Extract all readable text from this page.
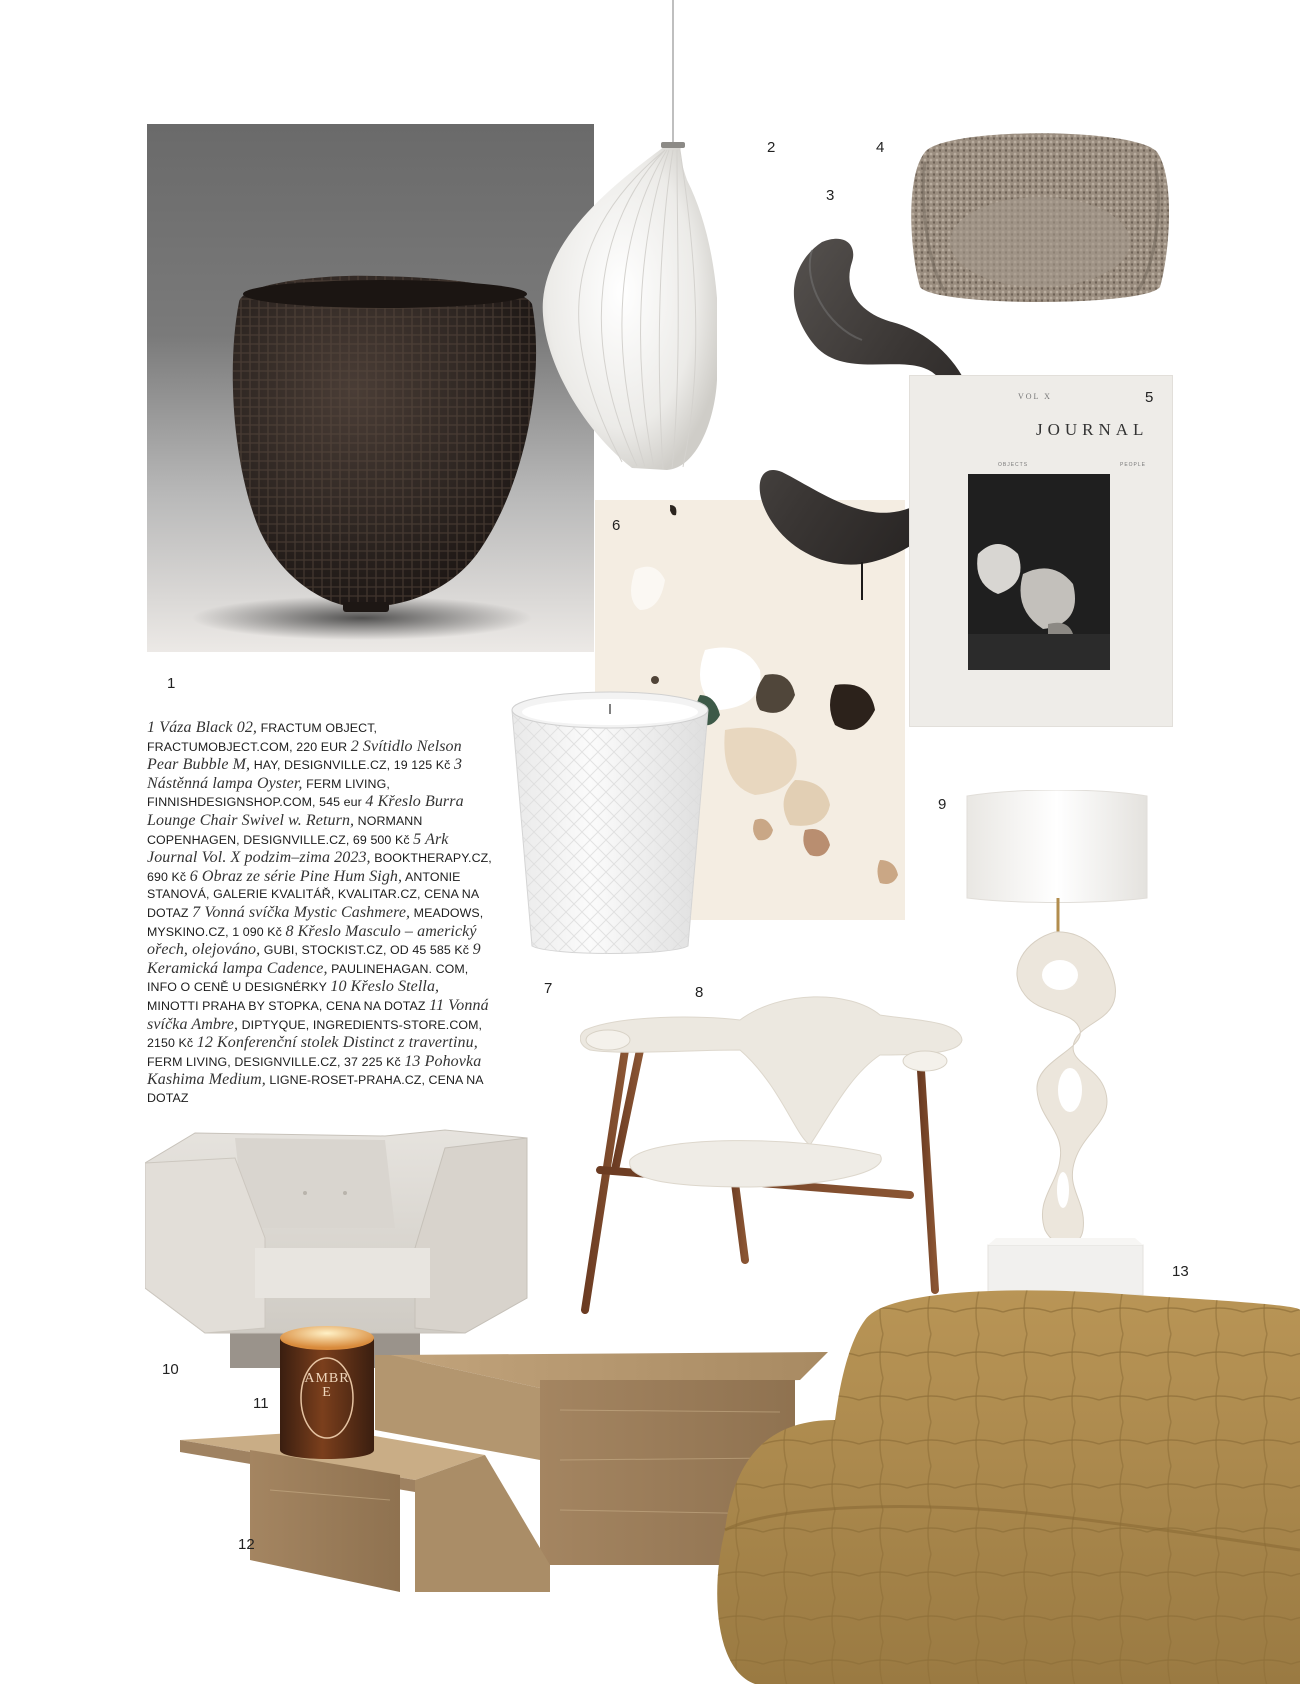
1
2
3
4
6
VOL X
JOURNAL
OBJECTS	PEOPLE
5
7
9
8
1 Váza Black 02, FRACTUM OBJECT, FRACTUMOBJECT.COM, 220 EUR 2 Svítidlo Nelson Pear Bubble M, HAY, DESIGNVILLE.CZ, 19 125 Kč 3 Nástěnná lampa Oyster, FERM LIVING, FINNISHDESIGNSHOP.COM, 545 eur 4 Křeslo Burra Lounge Chair Swivel w. Return, NORMANN COPENHAGEN, DESIGNVILLE.CZ, 69 500 Kč 5 Ark Journal Vol. X podzim–zima 2023, BOOKTHERAPY.CZ, 690 Kč 6 Obraz ze série Pine Hum Sigh, ANTONIE STANOVÁ, GALERIE KVALITÁŘ, KVALITAR.CZ, CENA NA DOTAZ 7 Vonná svíčka Mystic Cashmere, MEADOWS, MYSKINO.CZ, 1 090 Kč 8 Křeslo Masculo – americký ořech, olejováno, GUBI, STOCKIST.CZ, OD 45 585 Kč 9 Keramická lampa Cadence, PAULINEHAGAN. COM, INFO O CENĚ U DESIGNÉRKY 10 Křeslo Stella, MINOTTI PRAHA BY STOPKA, CENA NA DOTAZ 11 Vonná svíčka Ambre, DIPTYQUE, INGREDIENTS-STORE.COM, 2150 Kč 12 Konferenční stolek Distinct z travertinu, FERM LIVING, DESIGNVILLE.CZ, 37 225 Kč 13 Pohovka Kashima Medium, LIGNE-ROSET-PRAHA.CZ, CENA NA DOTAZ
10
12
AMBRE
11
13
